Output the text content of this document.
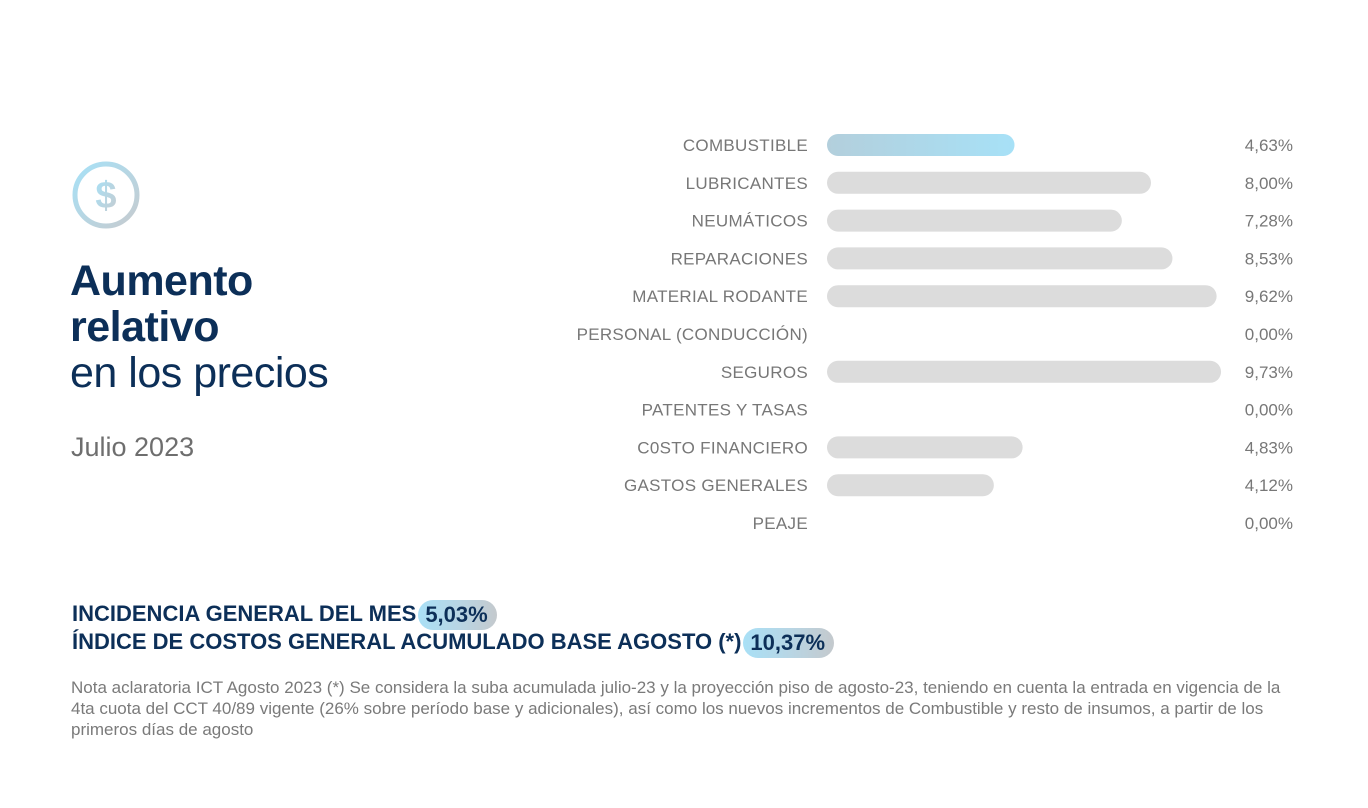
$
Aumento
relativo
en los precios
Julio 2023
COMBUSTIBLE	4,63%
LUBRICANTES	8,00%
NEUMÁTICOS	7,28%
REPARACIONES	8,53%
MATERIAL RODANTE	9,62%
PERSONAL (CONDUCCIÓN)	0,00%
SEGUROS	9,73%
PATENTES Y TASAS	0,00%
C0STO FINANCIERO	4,83%
GASTOS GENERALES	4,12%
PEAJE	0,00%
INCIDENCIA GENERAL DEL MES 5,03%
ÍNDICE DE COSTOS GENERAL ACUMULADO BASE AGOSTO (*) 10,37%
Nota aclaratoria ICT Agosto 2023 (*) Se considera la suba acumulada julio-23 y la proyección piso de agosto-23, teniendo en cuenta la entrada en vigencia de la 4ta cuota del CCT 40/89 vigente (26% sobre período base y adicionales), así como los nuevos incrementos de Combustible y resto de insumos, a partir de los primeros días de agosto
